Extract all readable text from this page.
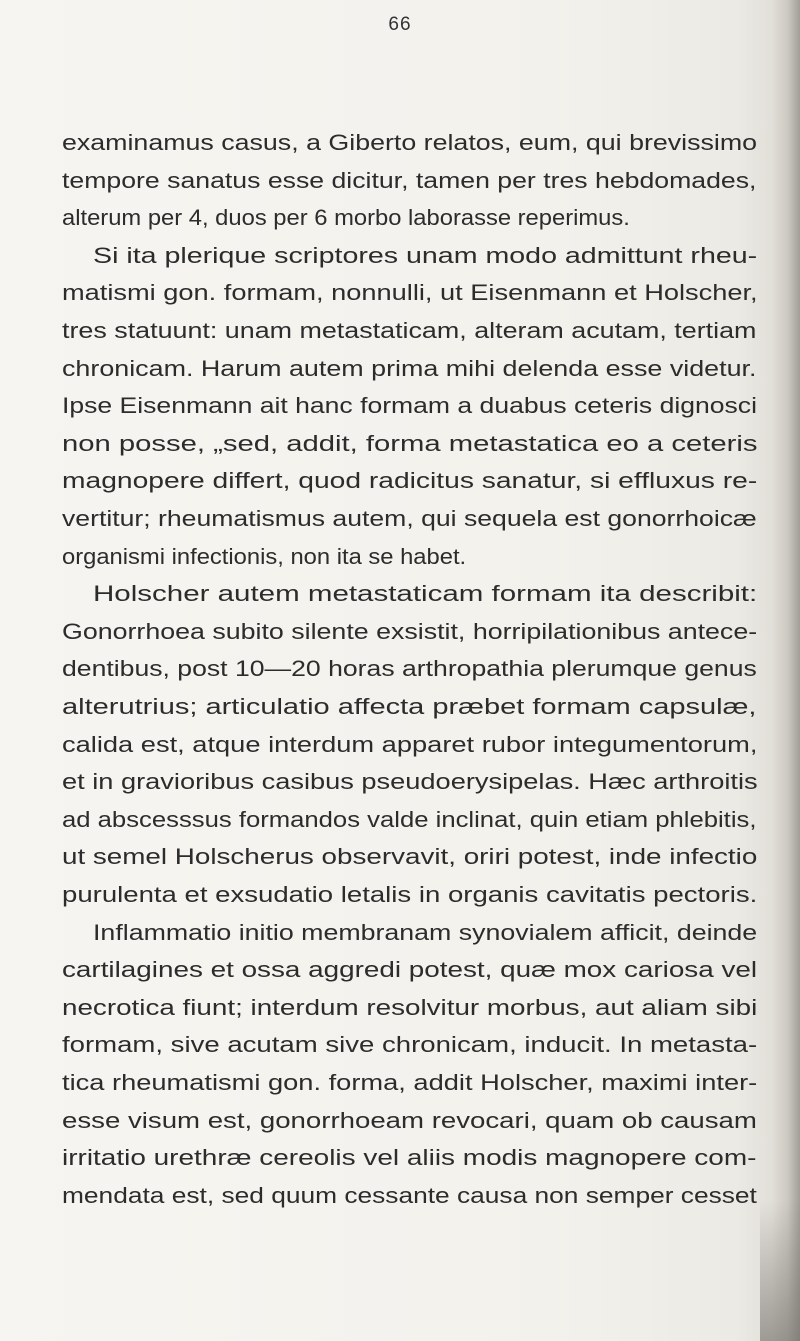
66
examinamus casus, a Giberto relatos, eum, qui brevissimo
tempore sanatus esse dicitur, tamen per tres hebdomades,
alterum per 4, duos per 6 morbo laborasse reperimus.
Si ita plerique scriptores unam modo admittunt rheu-
matismi gon. formam, nonnulli, ut Eisenmann et Holscher,
tres statuunt: unam metastaticam, alteram acutam, tertiam
chronicam. Harum autem prima mihi delenda esse videtur.
Ipse Eisenmann ait hanc formam a duabus ceteris dignosci
non posse, „sed, addit, forma metastatica eo a ceteris
magnopere differt, quod radicitus sanatur, si effluxus re-
vertitur; rheumatismus autem, qui sequela est gonorrhoicæ
organismi infectionis, non ita se habet.
Holscher autem metastaticam formam ita describit:
Gonorrhoea subito silente exsistit, horripilationibus antece-
dentibus, post 10—20 horas arthropathia plerumque genus
alterutrius; articulatio affecta præbet formam capsulæ,
calida est, atque interdum apparet rubor integumentorum,
et in gravioribus casibus pseudoerysipelas. Hæc arthroitis
ad abscesssus formandos valde inclinat, quin etiam phlebitis,
ut semel Holscherus observavit, oriri potest, inde infectio
purulenta et exsudatio letalis in organis cavitatis pectoris.
Inflammatio initio membranam synovialem afficit, deinde
cartilagines et ossa aggredi potest, quæ mox cariosa vel
necrotica fiunt; interdum resolvitur morbus, aut aliam sibi
formam, sive acutam sive chronicam, inducit. In metasta-
tica rheumatismi gon. forma, addit Holscher, maximi inter-
esse visum est, gonorrhoeam revocari, quam ob causam
irritatio urethræ cereolis vel aliis modis magnopere com-
mendata est, sed quum cessante causa non semper cesset
